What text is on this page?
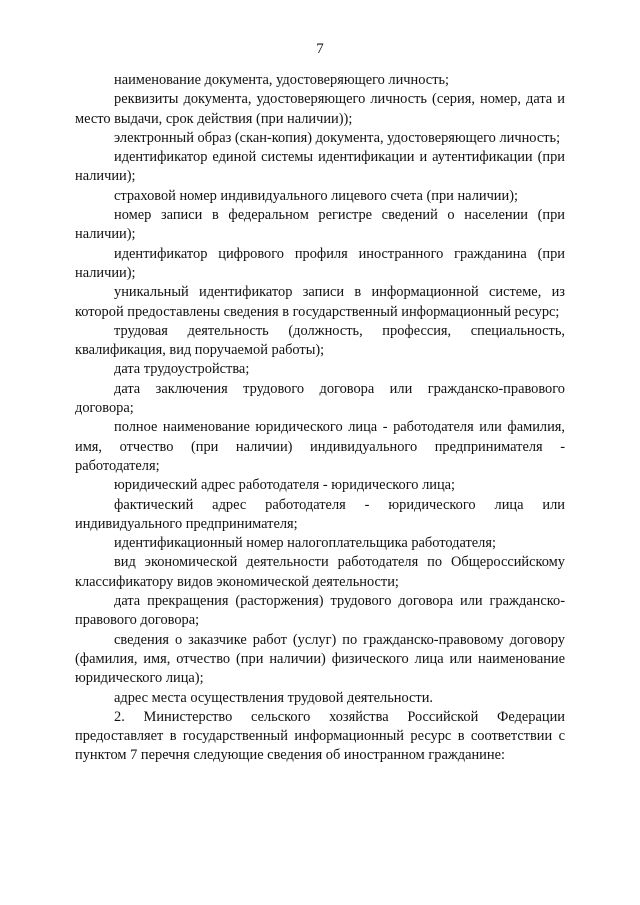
7

наименование документа, удостоверяющего личность;

реквизиты документа, удостоверяющего личность (серия, номер, дата и место выдачи, срок действия (при наличии));

электронный образ (скан-копия) документа, удостоверяющего личность;

идентификатор единой системы идентификации и аутентификации (при наличии);

страховой номер индивидуального лицевого счета (при наличии);

номер записи в федеральном регистре сведений о населении (при наличии);

идентификатор цифрового профиля иностранного гражданина (при наличии);

уникальный идентификатор записи в информационной системе, из которой предоставлены сведения в государственный информационный ресурс;

трудовая деятельность (должность, профессия, специальность, квалификация, вид поручаемой работы);

дата трудоустройства;

дата заключения трудового договора или гражданско-правового договора;

полное наименование юридического лица - работодателя или фамилия, имя, отчество (при наличии) индивидуального предпринимателя - работодателя;

юридический адрес работодателя - юридического лица;

фактический адрес работодателя - юридического лица или индивидуального предпринимателя;

идентификационный номер налогоплательщика работодателя;

вид экономической деятельности работодателя по Общероссийскому классификатору видов экономической деятельности;

дата прекращения (расторжения) трудового договора или гражданско-правового договора;

сведения о заказчике работ (услуг) по гражданско-правовому договору (фамилия, имя, отчество (при наличии) физического лица или наименование юридического лица);

адрес места осуществления трудовой деятельности.

2. Министерство сельского хозяйства Российской Федерации предоставляет в государственный информационный ресурс в соответствии с пунктом 7 перечня следующие сведения об иностранном гражданине:
